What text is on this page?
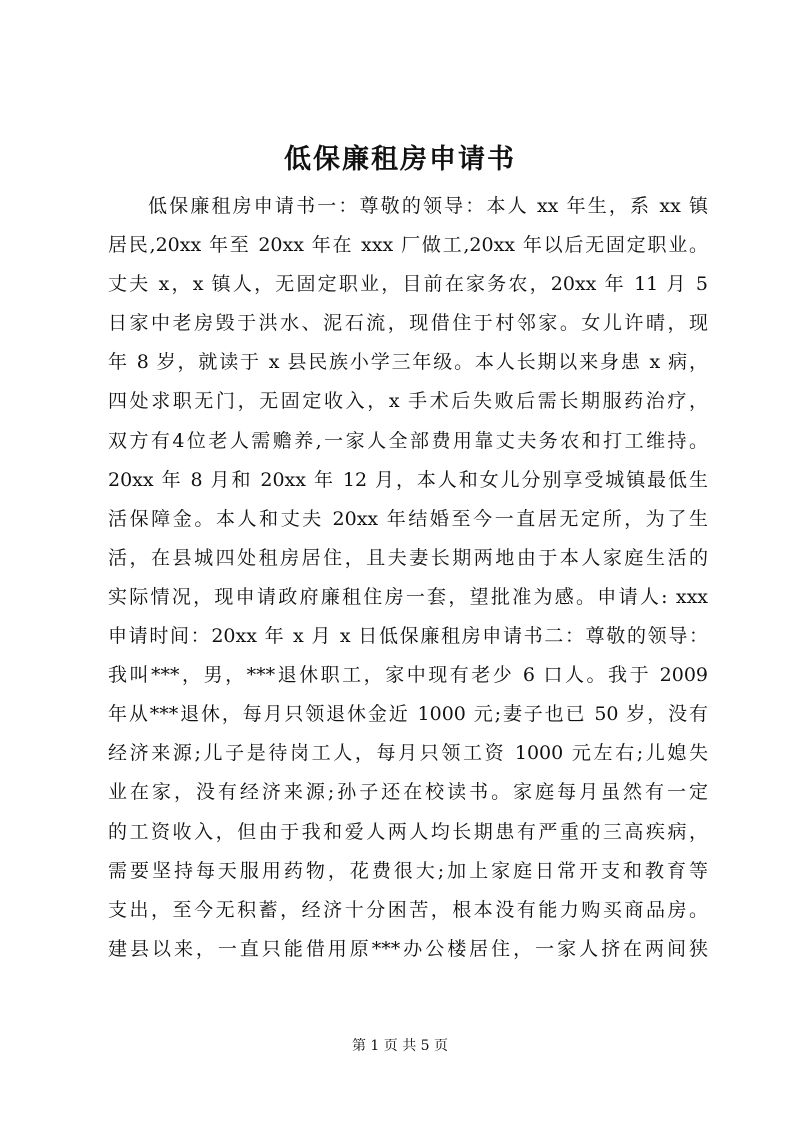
低保廉租房申请书
低保廉租房申请书一：尊敬的领导：本人 xx 年生，系 xx 镇
居民,20xx 年至 20xx 年在 xxx 厂做工,20xx 年以后无固定职业。
丈夫 x，x 镇人，无固定职业，目前在家务农，20xx 年 11 月 5
日家中老房毁于洪水、泥石流，现借住于村邻家。女儿许晴，现
年 8 岁，就读于 x 县民族小学三年级。本人长期以来身患 x 病，
四处求职无门，无固定收入，x 手术后失败后需长期服药治疗，
双方有4位老人需赡养,一家人全部费用靠丈夫务农和打工维持。
20xx 年 8 月和 20xx 年 12 月，本人和女儿分别享受城镇最低生
活保障金。本人和丈夫 20xx 年结婚至今一直居无定所，为了生
活，在县城四处租房居住，且夫妻长期两地由于本人家庭生活的
实际情况，现申请政府廉租住房一套，望批准为感。申请人: xxx
申请时间：20xx 年 x 月 x 日低保廉租房申请书二：尊敬的领导：
我叫***，男，***退休职工，家中现有老少 6 口人。我于 2009
年从***退休，每月只领退休金近 1000 元;妻子也已 50 岁，没有
经济来源;儿子是待岗工人，每月只领工资 1000 元左右;儿媳失
业在家，没有经济来源;孙子还在校读书。家庭每月虽然有一定
的工资收入，但由于我和爱人两人均长期患有严重的三高疾病，
需要坚持每天服用药物，花费很大;加上家庭日常开支和教育等
支出，至今无积蓄，经济十分困苦，根本没有能力购买商品房。
建县以来，一直只能借用原***办公楼居住，一家人挤在两间狭
第 1 页 共 5 页
